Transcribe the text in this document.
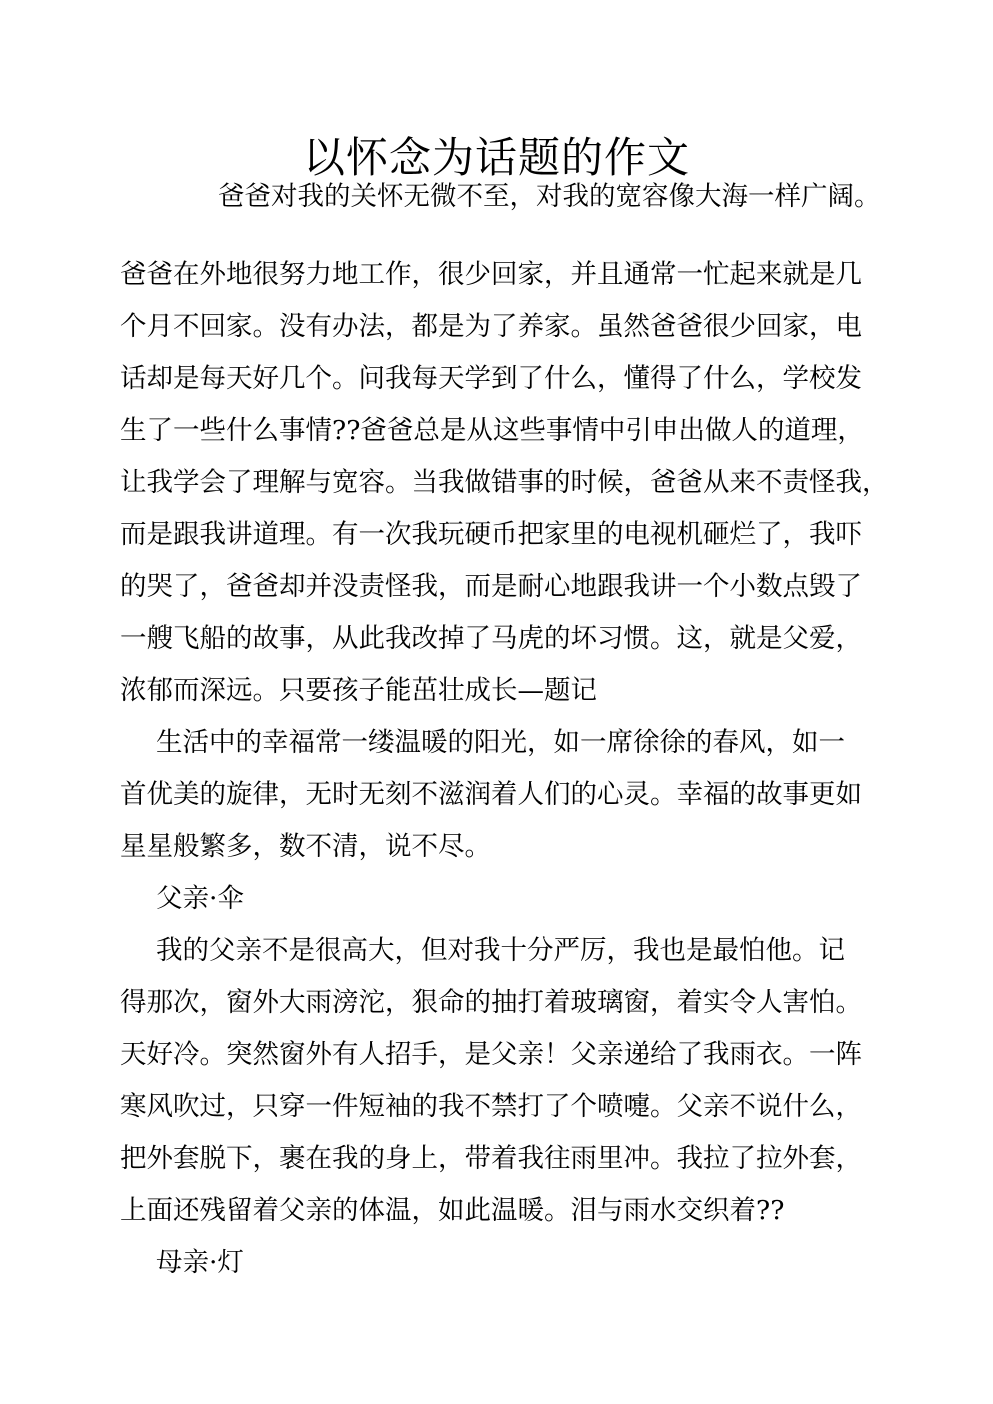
以怀念为话题的作文
爸爸对我的关怀无微不至，对我的宽容像大海一样广阔。
爸爸在外地很努力地工作，很少回家，并且通常一忙起来就是几
个月不回家。没有办法，都是为了养家。虽然爸爸很少回家，电
话却是每天好几个。问我每天学到了什么，懂得了什么，学校发
生了一些什么事情??爸爸总是从这些事情中引申出做人的道理，
让我学会了理解与宽容。当我做错事的时候，爸爸从来不责怪我，
而是跟我讲道理。有一次我玩硬币把家里的电视机砸烂了，我吓
的哭了，爸爸却并没责怪我，而是耐心地跟我讲一个小数点毁了
一艘飞船的故事，从此我改掉了马虎的坏习惯。这，就是父爱，
浓郁而深远。只要孩子能茁壮成长—题记
生活中的幸福常一缕温暖的阳光，如一席徐徐的春风，如一
首优美的旋律，无时无刻不滋润着人们的心灵。幸福的故事更如
星星般繁多，数不清，说不尽。
父亲·伞
我的父亲不是很高大，但对我十分严厉，我也是最怕他。记
得那次，窗外大雨滂沱，狠命的抽打着玻璃窗，着实令人害怕。
天好冷。突然窗外有人招手，是父亲！父亲递给了我雨衣。一阵
寒风吹过，只穿一件短袖的我不禁打了个喷嚏。父亲不说什么，
把外套脱下，裹在我的身上，带着我往雨里冲。我拉了拉外套，
上面还残留着父亲的体温，如此温暖。泪与雨水交织着??
母亲·灯
